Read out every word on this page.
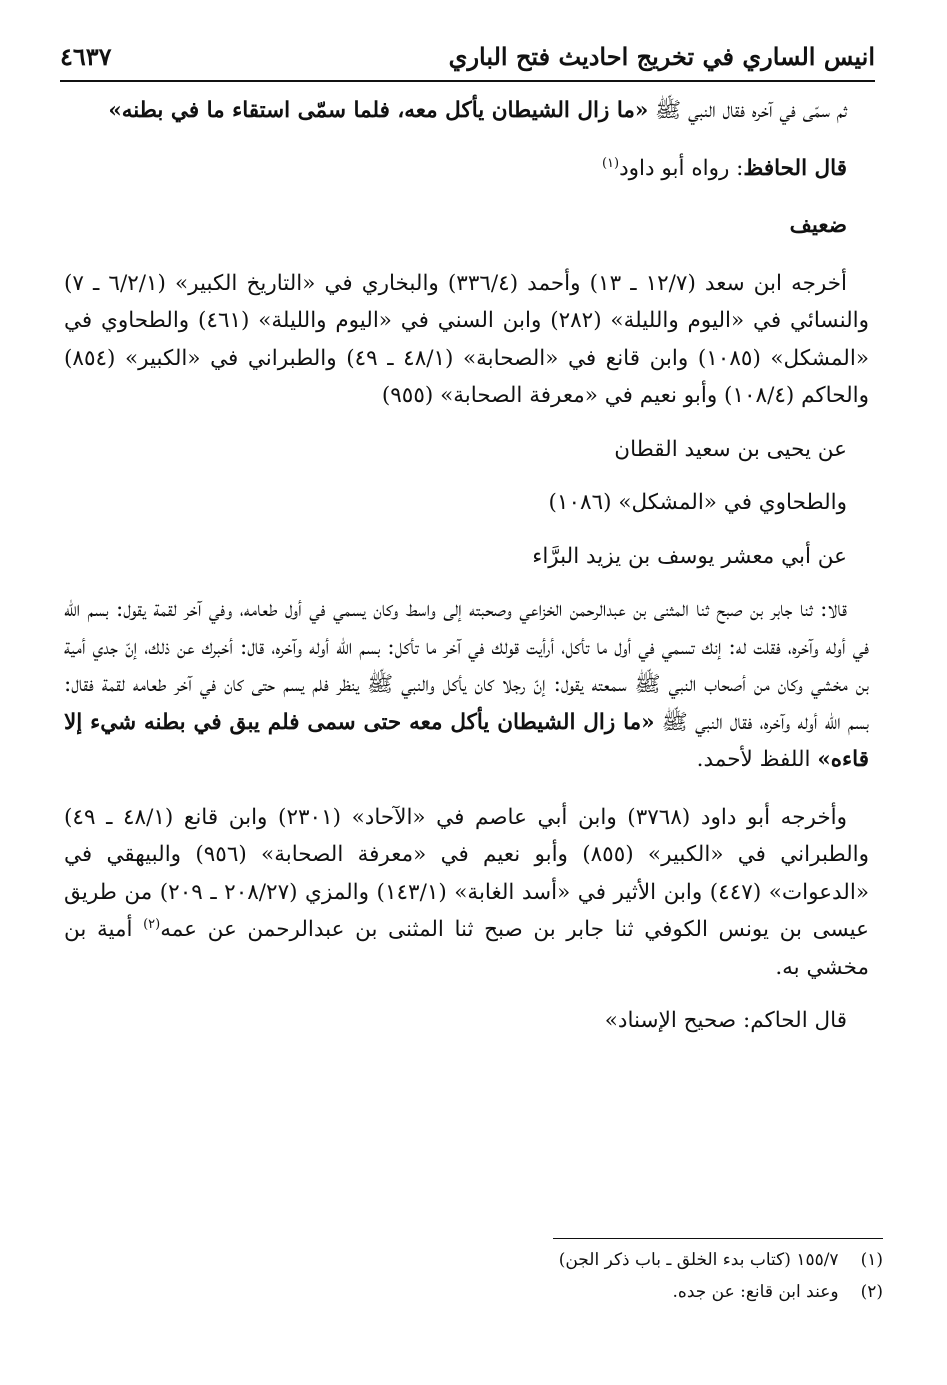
انيس الساري في تخريج احاديث فتح الباري
٤٦٣٧

ثم سمّى في آخره فقال النبي ﷺ «ما زال الشيطان يأكل معه، فلما سمّى استقاء ما في بطنه»

قال الحافظ: رواه أبو داود$^{(١)}$

ضعيف

أخرجه ابن سعد (١٢/٧ ـ ١٣) وأحمد (٣٣٦/٤) والبخاري في «التاريخ الكبير» (٦/٢/١ ـ ٧) والنسائي في «اليوم والليلة» (٢٨٢) وابن السني في «اليوم والليلة» (٤٦١) والطحاوي في «المشكل» (١٠٨٥) وابن قانع في «الصحابة» (٤٨/١ ـ ٤٩) والطبراني في «الكبير» (٨٥٤) والحاكم (١٠٨/٤) وأبو نعيم في «معرفة الصحابة» (٩٥٥)

عن يحيى بن سعيد القطان

والطحاوي في «المشكل» (١٠٨٦)

عن أبي معشر يوسف بن يزيد البرَّاء

قالا: ثنا جابر بن صبح ثنا المثنى بن عبدالرحمن الخزاعي وصحبته إلى واسط وكان يسمي في أول طعامه، وفي آخر لقمة يقول: بسم الله في أوله وآخره، فقلت له: إنك تسمي في أول ما تأكل، أرأيت قولك في آخر ما تأكل: بسم الله أوله وآخره، قال: أخبرك عن ذلك، إنّ جدي أمية بن مخشي وكان من أصحاب النبي ﷺ سمعته يقول: إنّ رجلا كان يأكل والنبي ﷺ ينظر فلم يسم حتى كان في آخر طعامه لقمة فقال: بسم الله أوله وآخره، فقال النبي ﷺ «ما زال الشيطان يأكل معه حتى سمى فلم يبق في بطنه شيء إلا قاءه» اللفظ لأحمد.

وأخرجه أبو داود (٣٧٦٨) وابن أبي عاصم في «الآحاد» (٢٣٠١) وابن قانع (٤٨/١ ـ ٤٩) والطبراني في «الكبير» (٨٥٥) وأبو نعيم في «معرفة الصحابة» (٩٥٦) والبيهقي في «الدعوات» (٤٤٧) وابن الأثير في «أسد الغابة» (١٤٣/١) والمزي (٢٠٨/٢٧ ـ ٢٠٩) من طريق عيسى بن يونس الكوفي ثنا جابر بن صبح ثنا المثنى بن عبدالرحمن عن عمه$^{(٢)}$ أمية بن مخشي به.

قال الحاكم: صحيح الإسناد»

(١)
١٥٥/٧ (كتاب بدء الخلق ـ باب ذكر الجن)
(٢)
وعند ابن قانع: عن جده.
